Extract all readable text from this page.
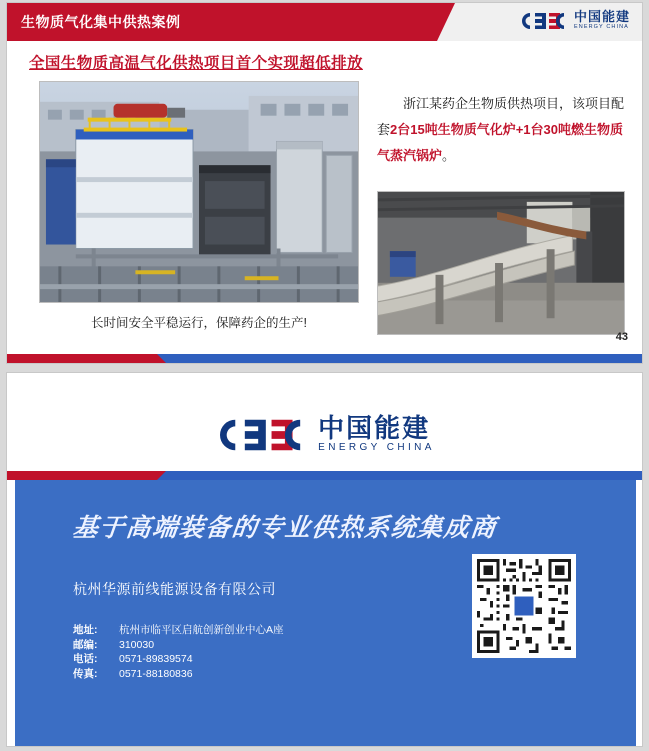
生物质气化集中供热案例	中国能建
ENERGY CHINA
全国生物质高温气化供热项目首个实现超低排放
长时间安全平稳运行，保障药企的生产!
浙江某药企生物质供热项目，该项目配套2台15吨生物质气化炉+1台30吨燃生物质气蒸汽锅炉。
43
中国能建
ENERGY CHINA
基于高端装备的专业供热系统集成商
杭州华源前线能源设备有限公司
地址:	杭州市临平区启航创新创业中心A座
邮编:	310030
电话:	0571-89839574
传真:	0571-88180836
